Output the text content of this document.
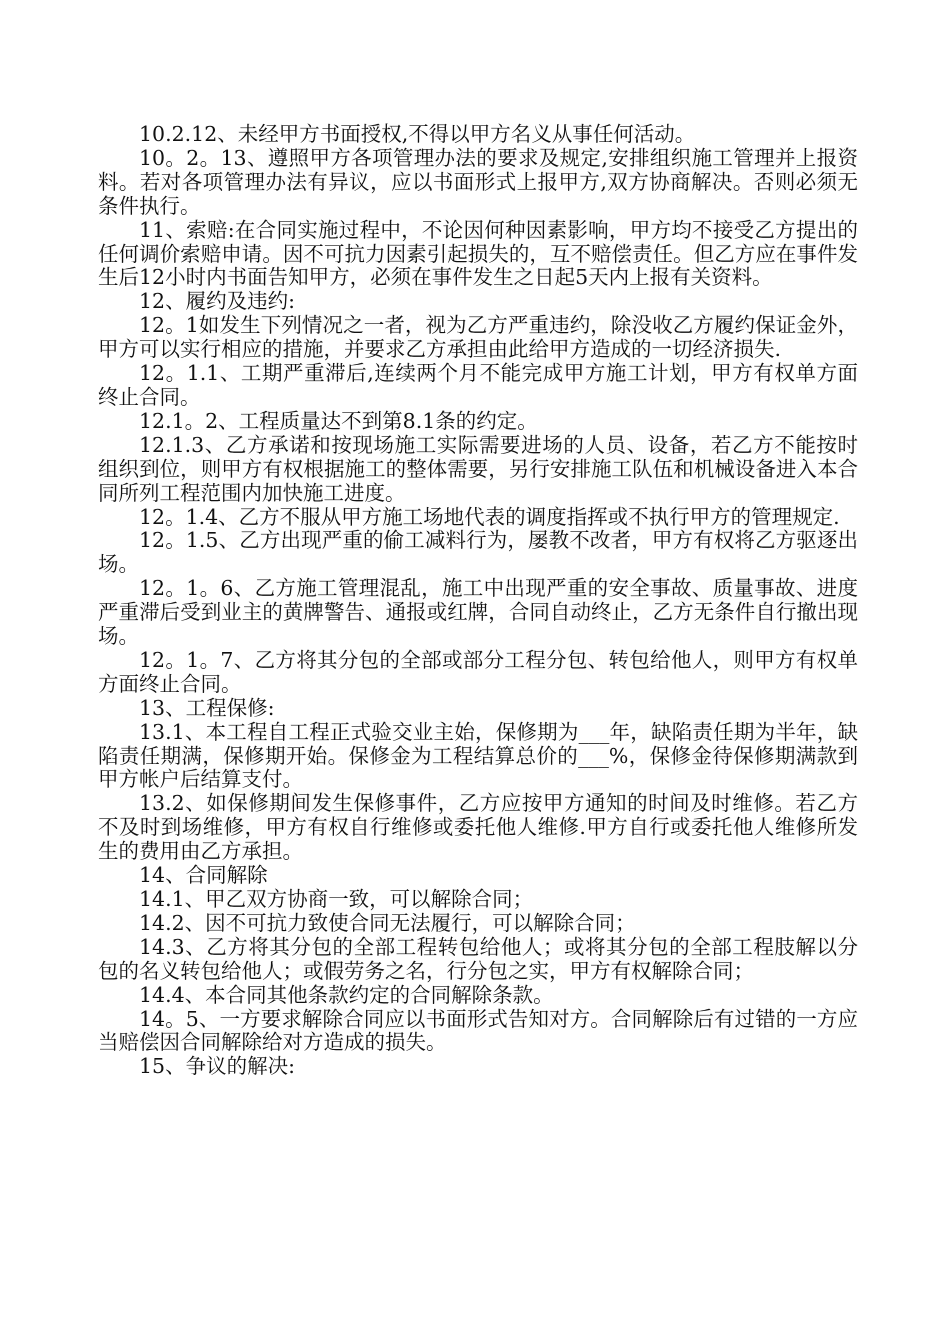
10.2.12、未经甲方书面授权,不得以甲方名义从事任何活动。

10。2。13、遵照甲方各项管理办法的要求及规定,安排组织施工管理并上报资料。若对各项管理办法有异议，应以书面形式上报甲方,双方协商解决。否则必须无条件执行。

11、索赔:在合同实施过程中，不论因何种因素影响，甲方均不接受乙方提出的任何调价索赔申请。因不可抗力因素引起损失的，互不赔偿责任。但乙方应在事件发生后12小时内书面告知甲方，必须在事件发生之日起5天内上报有关资料。

12、履约及违约:

12。1如发生下列情况之一者，视为乙方严重违约，除没收乙方履约保证金外，甲方可以实行相应的措施，并要求乙方承担由此给甲方造成的一切经济损失.

12。1.1、工期严重滞后,连续两个月不能完成甲方施工计划，甲方有权单方面终止合同。

12.1。2、工程质量达不到第8.1条的约定。

12.1.3、乙方承诺和按现场施工实际需要进场的人员、设备，若乙方不能按时组织到位，则甲方有权根据施工的整体需要，另行安排施工队伍和机械设备进入本合同所列工程范围内加快施工进度。

12。1.4、乙方不服从甲方施工场地代表的调度指挥或不执行甲方的管理规定.

12。1.5、乙方出现严重的偷工减料行为，屡教不改者，甲方有权将乙方驱逐出场。

12。1。6、乙方施工管理混乱，施工中出现严重的安全事故、质量事故、进度严重滞后受到业主的黄牌警告、通报或红牌，合同自动终止，乙方无条件自行撤出现场。

12。1。7、乙方将其分包的全部或部分工程分包、转包给他人，则甲方有权单方面终止合同。

13、工程保修:

13.1、本工程自工程正式验交业主始，保修期为___年，缺陷责任期为半年，缺陷责任期满，保修期开始。保修金为工程结算总价的___%，保修金待保修期满款到甲方帐户后结算支付。

13.2、如保修期间发生保修事件，乙方应按甲方通知的时间及时维修。若乙方不及时到场维修，甲方有权自行维修或委托他人维修.甲方自行或委托他人维修所发生的费用由乙方承担。

14、合同解除

14.1、甲乙双方协商一致，可以解除合同；

14.2、因不可抗力致使合同无法履行，可以解除合同；

14.3、乙方将其分包的全部工程转包给他人；或将其分包的全部工程肢解以分包的名义转包给他人；或假劳务之名，行分包之实，甲方有权解除合同；

14.4、本合同其他条款约定的合同解除条款。

14。5、一方要求解除合同应以书面形式告知对方。合同解除后有过错的一方应当赔偿因合同解除给对方造成的损失。

15、争议的解决:
